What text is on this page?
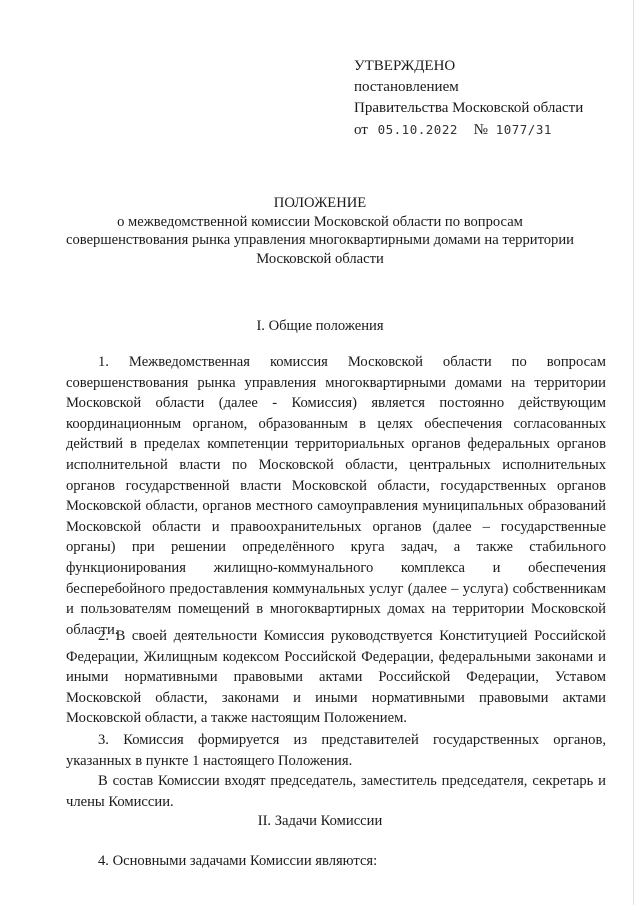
УТВЕРЖДЕНО
постановлением
Правительства Московской области
от 05.10.2022 № 1077/31
ПОЛОЖЕНИЕ
о межведомственной комиссии Московской области по вопросам
совершенствования рынка управления многоквартирными домами на территории
Московской области
I. Общие положения
1. Межведомственная комиссия Московской области по вопросам совершенствования рынка управления многоквартирными домами на территории Московской области (далее - Комиссия) является постоянно действующим координационным органом, образованным в целях обеспечения согласованных действий в пределах компетенции территориальных органов федеральных органов исполнительной власти по Московской области, центральных исполнительных органов государственной власти Московской области, государственных органов Московской области, органов местного самоуправления муниципальных образований Московской области и правоохранительных органов (далее – государственные органы) при решении определённого круга задач, а также стабильного функционирования жилищно-коммунального комплекса и обеспечения бесперебойного предоставления коммунальных услуг (далее – услуга) собственникам и пользователям помещений в многоквартирных домах на территории Московской области.
2. В своей деятельности Комиссия руководствуется Конституцией Российской Федерации, Жилищным кодексом Российской Федерации, федеральными законами и иными нормативными правовыми актами Российской Федерации, Уставом Московской области, законами и иными нормативными правовыми актами Московской области, а также настоящим Положением.
3. Комиссия формируется из представителей государственных органов, указанных в пункте 1 настоящего Положения.
В состав Комиссии входят председатель, заместитель председателя, секретарь и члены Комиссии.
II. Задачи Комиссии
4. Основными задачами Комиссии являются:
